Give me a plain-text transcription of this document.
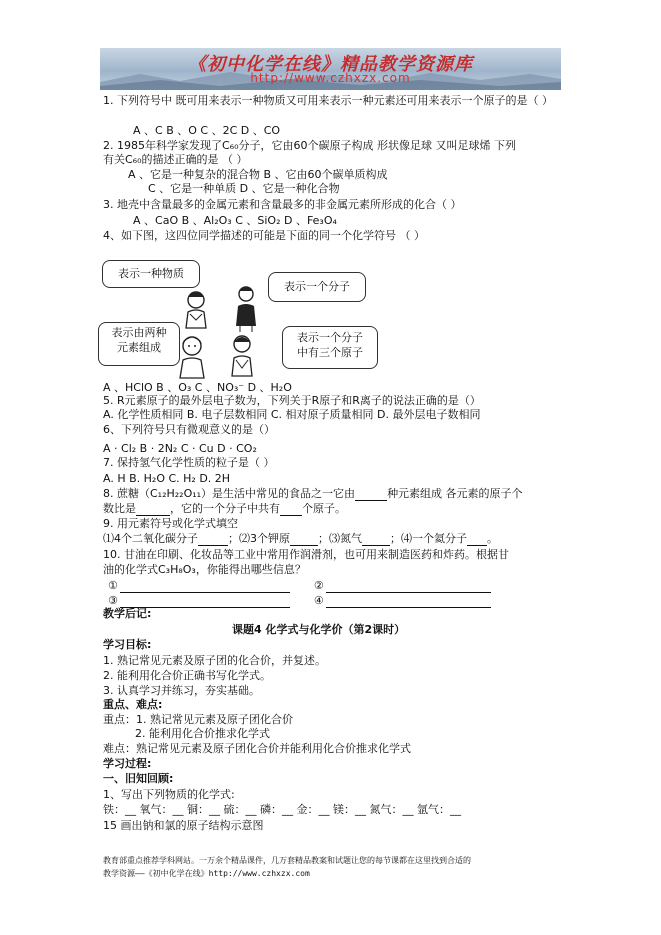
《初中化学在线》精品教学资源库
http://www.czhxzx.com
1. 下列符号中 既可用来表示一种物质又可用来表示一种元素还可用来表示一个原子的是（ ）
A 、C B 、O C 、2C D 、CO
2. 1985年科学家发现了C₆₀分子，它由60个碳原子构成 形状像足球 又叫足球烯 下列
有关C₆₀的描述正确的是 （ ）
A 、它是一种复杂的混合物 B 、它由60个碳单质构成
C 、它是一种单质 D 、它是一种化合物
3. 地壳中含量最多的金属元素和含量最多的非金属元素所形成的化合（ ）
A 、CaO B 、Al₂O₃ C 、SiO₂ D 、Fe₃O₄
4、如下图，这四位同学描述的可能是下面的同一个化学符号 （ ）
表示一种物质
表示一个分子
表示由两种
元素组成
表示一个分子
中有三个原子
A 、HClO B 、O₃ C 、NO₃⁻ D 、H₂O
5. R元素原子的最外层电子数为，下列关于R原子和R离子的说法正确的是（）
A. 化学性质相同 B. 电子层数相同 C. 相对原子质量相同 D. 最外层电子数相同
6、下列符号只有微观意义的是（）
A · Cl₂ B · 2N₂ C · Cu D · CO₂
7. 保持氢气化学性质的粒子是（ ）
A. H B. H₂O C. H₂ D. 2H
8. 蔗糖（C₁₂H₂₂O₁₁）是生活中常见的食品之一它由	种元素组成 各元素的原子个
数比是	，它的一个分子中共有 个原子。
9. 用元素符号或化学式填空
⑴4个二氧化碳分子	；⑵3个钾原	；⑶氮气	；⑷一个氦分子 。
10. 甘油在印刷、化妆品等工业中常用作润滑剂，也可用来制造医药和炸药。根据甘
油的化学式C₃H₈O₃，你能得出哪些信息？
①	②
③	④
教学后记:
课题4 化学式与化学价（第2课时）
学习目标:
1. 熟记常见元素及原子团的化合价，并复述。
2. 能利用化合价正确书写化学式。
3. 认真学习并练习，夯实基础。
重点、难点:
重点：1. 熟记常见元素及原子团化合价
2. 能利用化合价推求化学式
难点：熟记常见元素及原子团化合价并能利用化合价推求化学式
学习过程:
一、旧知回顾:
1、写出下列物质的化学式:
铁：__ 氧气：__ 铜：__ 硫：__ 磷：__ 金：__ 镁：__ 氮气：__ 氩气：__
15 画出钠和氯的原子结构示意图
教育部重点推荐学科网站。一万余个精品课件，几万套精品教案和试题让您的每节课都在这里找到合适的
教学资源——《初中化学在线》http://www.czhxzx.com
